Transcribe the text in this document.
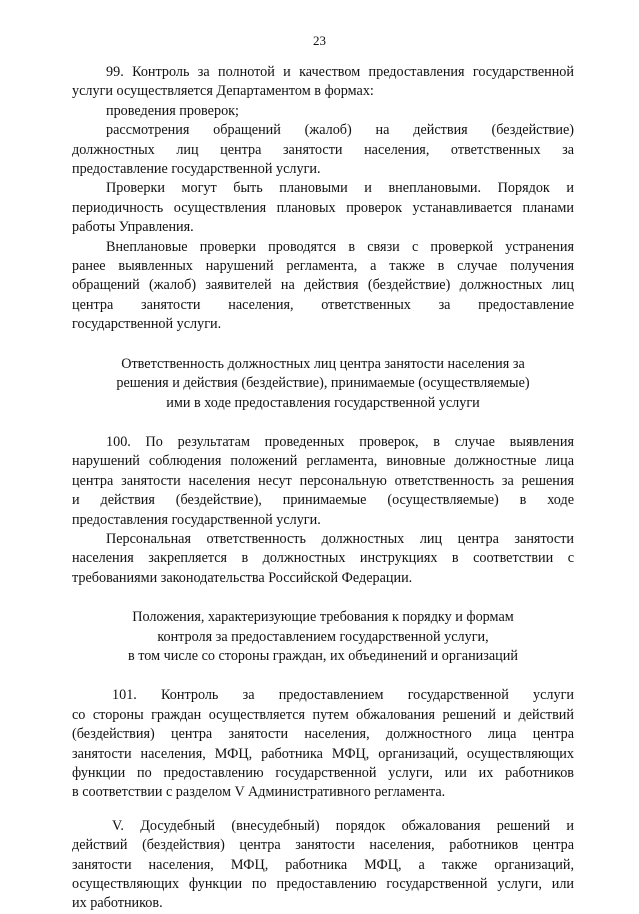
23

99. Контроль за полнотой и качеством предоставления государственной

услуги осуществляется Департаментом в формах:

проведения проверок;

рассмотрения обращений (жалоб) на действия (бездействие)

должностных лиц центра занятости населения, ответственных за

предоставление государственной услуги.

Проверки могут быть плановыми и внеплановыми. Порядок и

периодичность осуществления плановых проверок устанавливается планами

работы Управления.

Внеплановые проверки проводятся в связи с проверкой устранения

ранее выявленных нарушений регламента, а также в случае получения

обращений (жалоб) заявителей на действия (бездействие) должностных лиц

центра занятости населения, ответственных за предоставление

государственной услуги.

Ответственность должностных лиц центра занятости населения за

решения и действия (бездействие), принимаемые (осуществляемые)

ими в ходе предоставления государственной услуги

100. По результатам проведенных проверок, в случае выявления

нарушений соблюдения положений регламента, виновные должностные лица

центра занятости населения несут персональную ответственность за решения

и действия (бездействие), принимаемые (осуществляемые) в ходе

предоставления государственной услуги.

Персональная ответственность должностных лиц центра занятости

населения закрепляется в должностных инструкциях в соответствии с

требованиями законодательства Российской Федерации.

Положения, характеризующие требования к порядку и формам

контроля за предоставлением государственной услуги,

в том числе со стороны граждан, их объединений и организаций

101. Контроль за предоставлением государственной услуги

со стороны граждан осуществляется путем обжалования решений и действий

(бездействия) центра занятости населения, должностного лица центра

занятости населения, МФЦ, работника МФЦ, организаций, осуществляющих

функции по предоставлению государственной услуги, или их работников

в соответствии с разделом V Административного регламента.

V. Досудебный (внесудебный) порядок обжалования решений и

действий (бездействия) центра занятости населения, работников центра

занятости населения, МФЦ, работника МФЦ, а также организаций,

осуществляющих функции по предоставлению государственной услуги, или

их работников.
